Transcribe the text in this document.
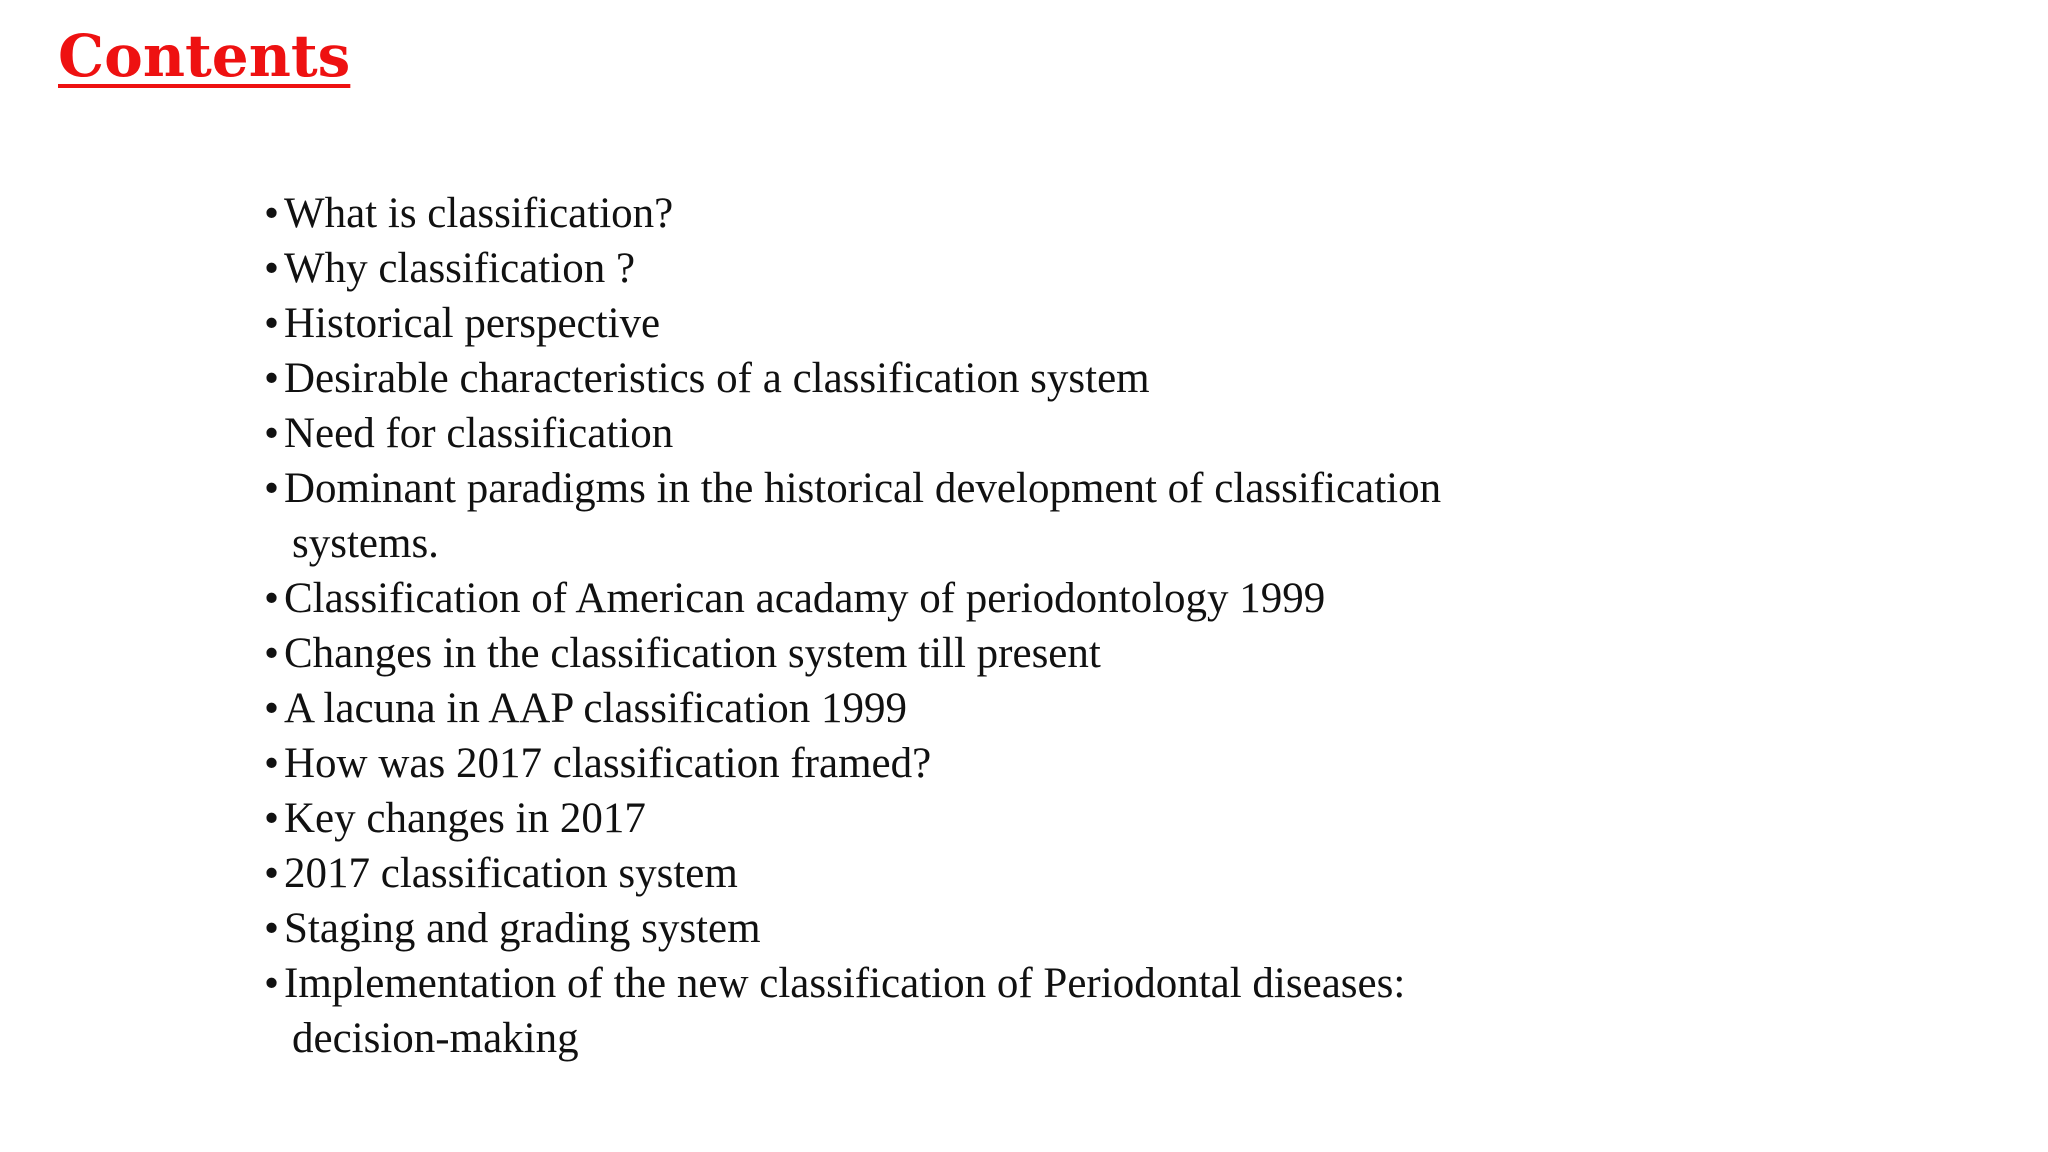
Contents
• What is classification?
• Why classification ?
• Historical perspective
• Desirable characteristics of a classification system
• Need for classification
• Dominant paradigms in the historical development of classification
systems.
• Classification of American acadamy of periodontology 1999
• Changes in the classification system till present
• A lacuna in AAP classification 1999
• How was 2017 classification framed?
• Key changes in 2017
• 2017 classification system
• Staging and grading system
• Implementation of the new classification of Periodontal diseases:
decision-making
